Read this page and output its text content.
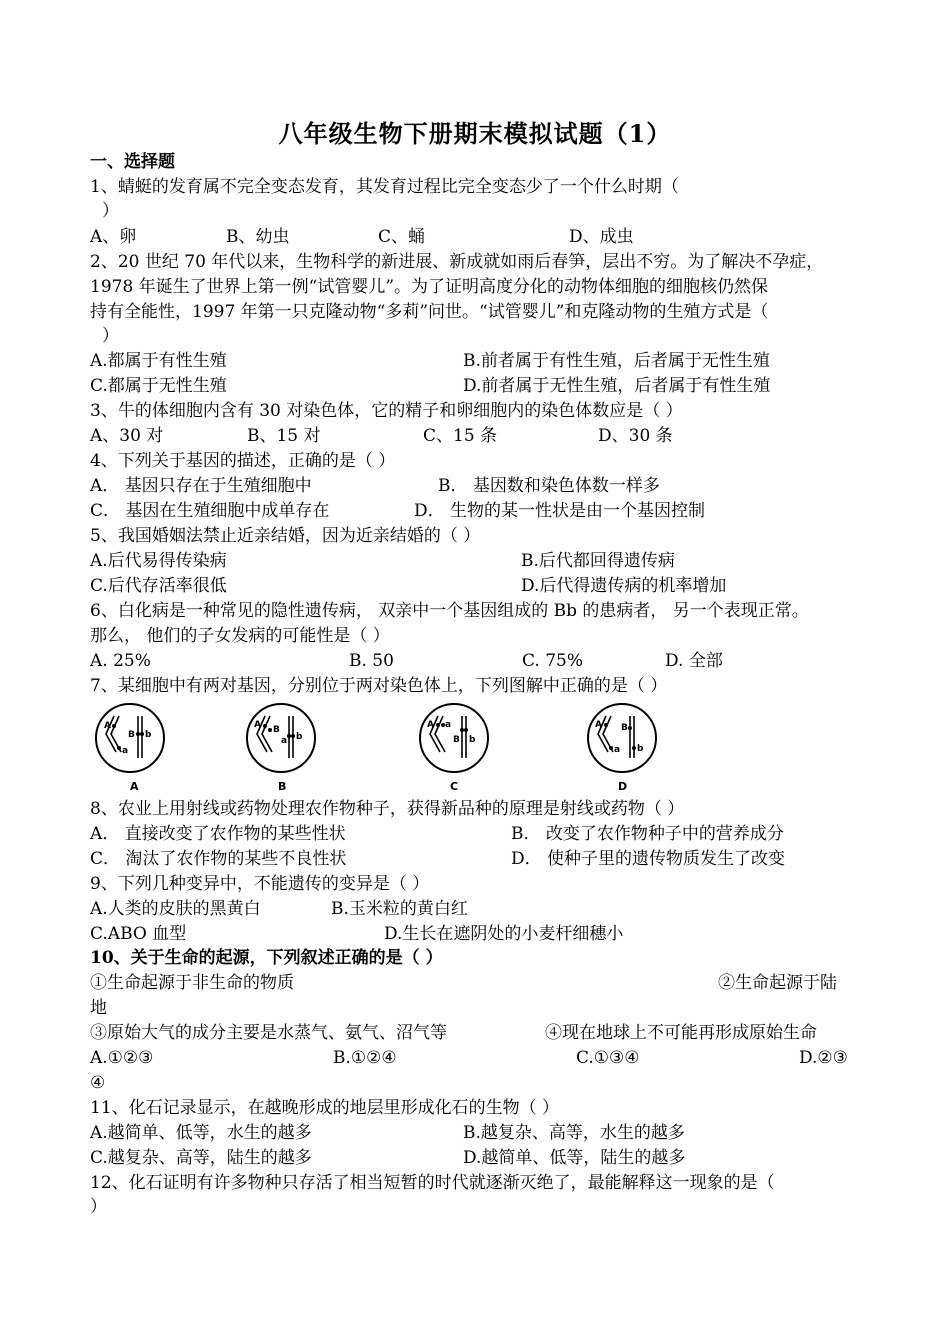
八年级生物下册期末模拟试题（1）
一、选择题
1、蜻蜓的发育属不完全变态发育，其发育过程比完全变态少了一个什么时期（
）
A、卵	B、幼虫	C、蛹	D、成虫
2、20 世纪 70 年代以来，生物科学的新进展、新成就如雨后春笋，层出不穷。为了解决不孕症，
1978 年诞生了世界上第一例“试管婴儿”。为了证明高度分化的动物体细胞的细胞核仍然保
持有全能性，1997 年第一只克隆动物“多莉”问世。“试管婴儿”和克隆动物的生殖方式是（
）
A.都属于有性生殖	B.前者属于有性生殖，后者属于无性生殖
C.都属于无性生殖	D.前者属于无性生殖，后者属于有性生殖
3、牛的体细胞内含有 30 对染色体，它的精子和卵细胞内的染色体数应是（ ）
A、30 对	B、15 对	C、15 条	D、30 条
4、下列关于基因的描述，正确的是（ ）
A． 基因只存在于生殖细胞中	B． 基因数和染色体数一样多
C． 基因在生殖细胞中成单存在	D． 生物的某一性状是由一个基因控制
5、我国婚姻法禁止近亲结婚，因为近亲结婚的（ ）
A.后代易得传染病	B.后代都回得遗传病
C.后代存活率很低	D.后代得遗传病的机率增加
6、白化病是一种常见的隐性遗传病， 双亲中一个基因组成的 Bb 的患病者， 另一个表现正常。
那么， 他们的子女发病的可能性是（ ）
A. 25%	B. 50	C. 75%	D. 全部
7、某细胞中有两对基因，分别位于两对染色体上，下列图解中正确的是（ ）
A
a
B b
A
A B
a b
B
A a
B b
C
A
a
B
b
D
8、农业上用射线或药物处理农作物种子，获得新品种的原理是射线或药物（ ）
A． 直接改变了农作物的某些性状	B． 改变了农作物种子中的营养成分
C． 淘汰了农作物的某些不良性状	D． 使种子里的遗传物质发生了改变
9、下列几种变异中，不能遗传的变异是（ ）
A.人类的皮肤的黑黄白	B.玉米粒的黄白红
C.ABO 血型	D.生长在遮阴处的小麦杆细穗小
10、关于生命的起源，下列叙述正确的是（ ）
①生命起源于非生命的物质	②生命起源于陆
地
③原始大气的成分主要是水蒸气、氨气、沼气等	④现在地球上不可能再形成原始生命
A.①②③	B.①②④	C.①③④	D.②③
④
11、化石记录显示，在越晚形成的地层里形成化石的生物（ ）
A.越简单、低等，水生的越多	B.越复杂、高等，水生的越多
C.越复杂、高等，陆生的越多	D.越简单、低等，陆生的越多
12、化石证明有许多物种只存活了相当短暂的时代就逐渐灭绝了，最能解释这一现象的是（
）
